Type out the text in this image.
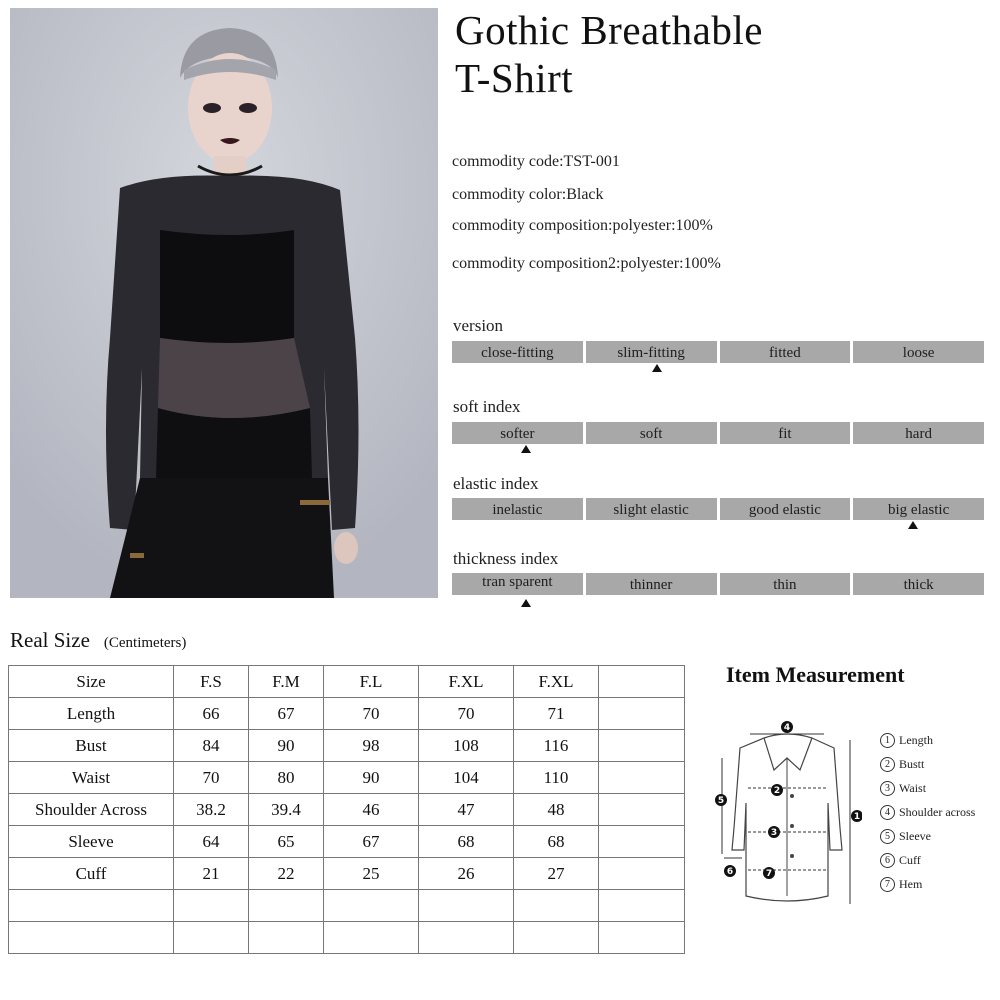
Gothic Breathable
T-Shirt
commodity code:TST-001
commodity color:Black
commodity composition:polyester:100%
commodity composition2:polyester:100%
version
close-fitting	slim-fitting	fitted	loose
soft index
softer	soft	fit	hard
elastic index
inelastic	slight elastic	good elastic	big elastic
thickness index
tran sparent	thinner	thin	thick
Real Size (Centimeters)
Size	F.S	F.M	F.L	F.XL	F.XL	
Length	66	67	70	70	71	
Bust	84	90	98	108	116	
Waist	70	80	90	104	110	
Shoulder Across	38.2	39.4	46	47	48	
Sleeve	64	65	67	68	68	
Cuff	21	22	25	26	27	

Item Measurement
4
2
3
7
1
5
6
1 Length
2 Bustt
3 Waist
4 Shoulder across
5 Sleeve
6 Cuff
7 Hem
